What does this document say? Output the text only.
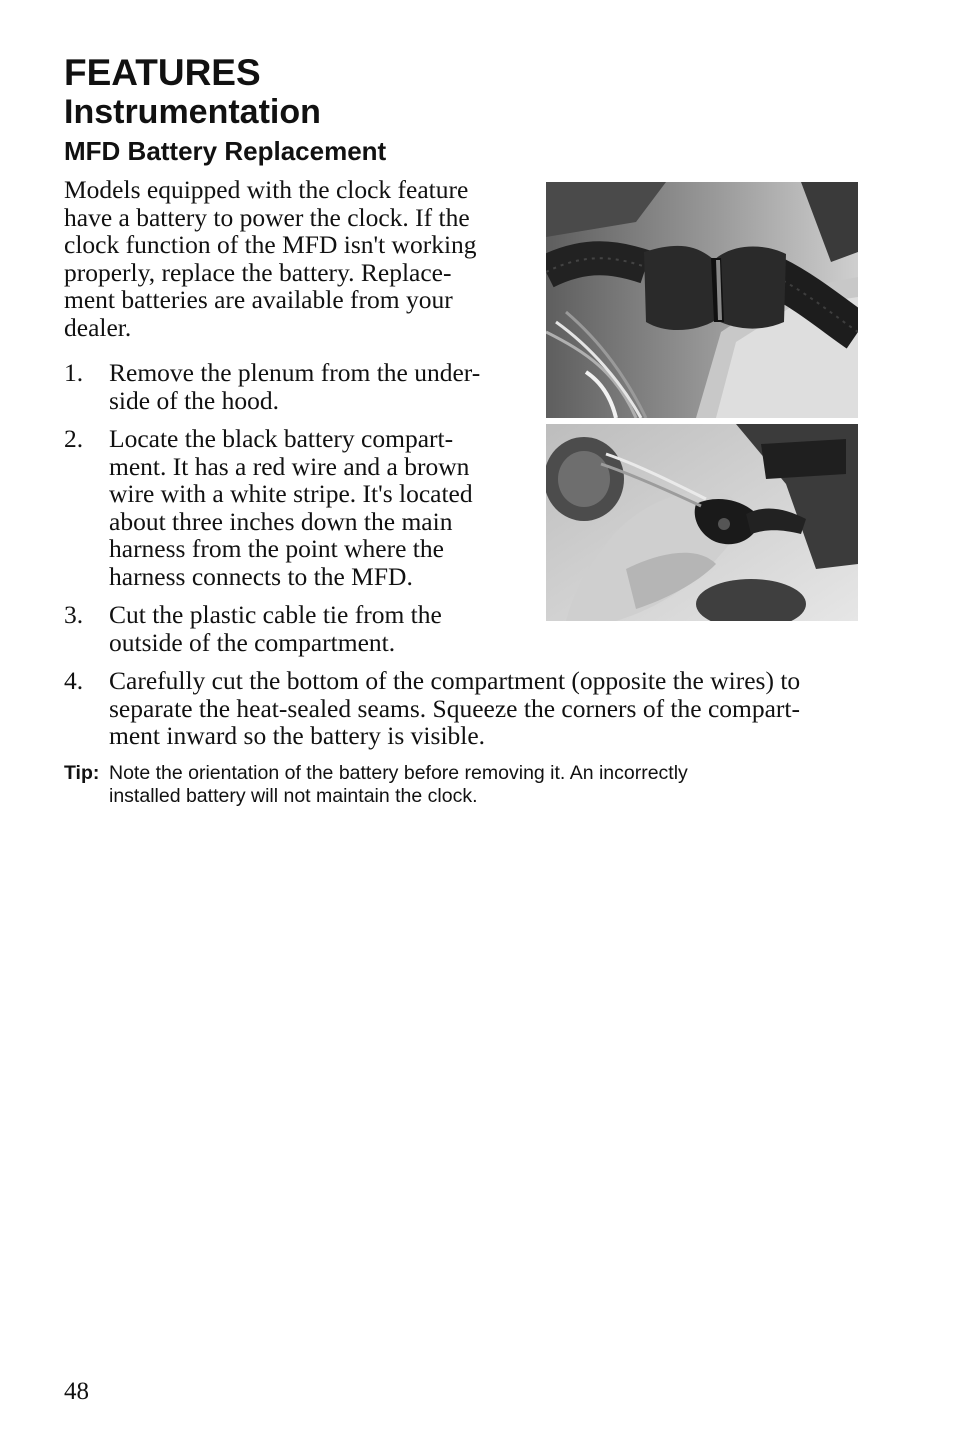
FEATURES
Instrumentation
MFD Battery Replacement
Models equipped with the clock feature
have a battery to power the clock. If the
clock function of the MFD isn't working
properly, replace the battery. Replace-
ment batteries are available from your
dealer.
1.	Remove the plenum from the under-
side of the hood.
2.	Locate the black battery compart-
ment. It has a red wire and a brown
wire with a white stripe. It's located
about three inches down the main
harness from the point where the
harness connects to the MFD.
3.	Cut the plastic cable tie from the
outside of the compartment.
4.	Carefully cut the bottom of the compartment (opposite the wires) to
separate the heat-sealed seams. Squeeze the corners of the compart-
ment inward so the battery is visible.
Tip: Note the orientation of the battery before removing it. An incorrectly
installed battery will not maintain the clock.
48
